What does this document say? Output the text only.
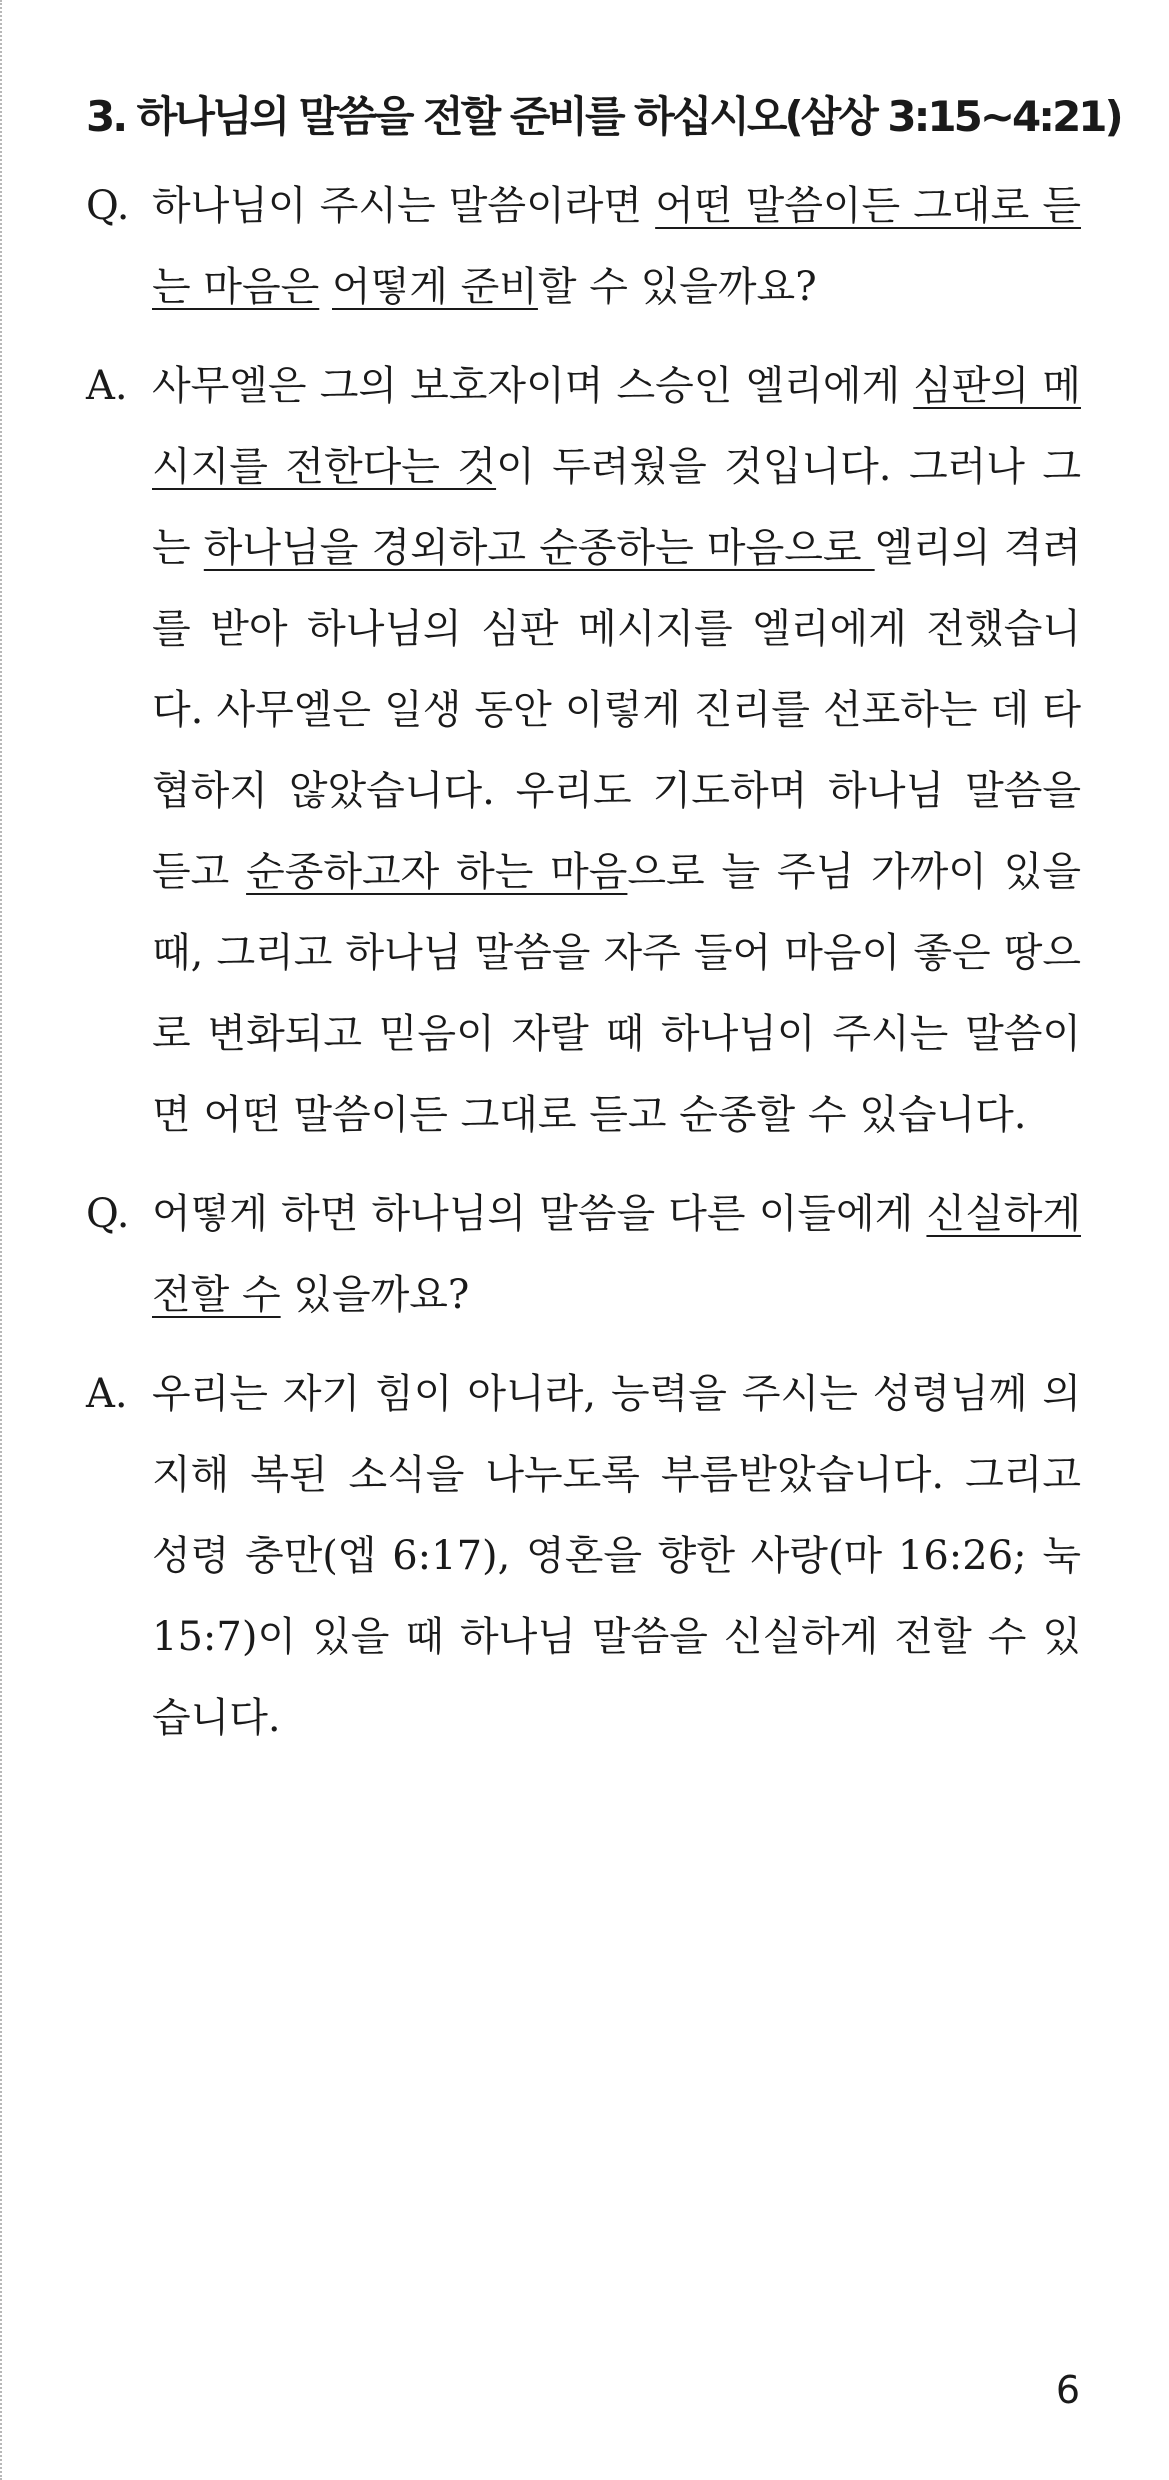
3. 하나님의 말씀을 전할 준비를 하십시오(삼상 3:15~4:21)
Q. 하나님이 주시는 말씀이라면 어떤 말씀이든 그대로 듣는 마음은 어떻게 준비할 수 있을까요?
A. 사무엘은 그의 보호자이며 스승인 엘리에게 심판의 메시지를 전한다는 것이 두려웠을 것입니다. 그러나 그는 하나님을 경외하고 순종하는 마음으로 엘리의 격려를 받아 하나님의 심판 메시지를 엘리에게 전했습니다. 사무엘은 일생 동안 이렇게 진리를 선포하는 데 타협하지 않았습니다. 우리도 기도하며 하나님 말씀을 듣고 순종하고자 하는 마음으로 늘 주님 가까이 있을 때, 그리고 하나님 말씀을 자주 들어 마음이 좋은 땅으로 변화되고 믿음이 자랄 때 하나님이 주시는 말씀이면 어떤 말씀이든 그대로 듣고 순종할 수 있습니다.
Q. 어떻게 하면 하나님의 말씀을 다른 이들에게 신실하게 전할 수 있을까요?
A. 우리는 자기 힘이 아니라, 능력을 주시는 성령님께 의지해 복된 소식을 나누도록 부름받았습니다. 그리고 성령 충만(엡 6:17), 영혼을 향한 사랑(마 16:26; 눅 15:7)이 있을 때 하나님 말씀을 신실하게 전할 수 있습니다.
6
